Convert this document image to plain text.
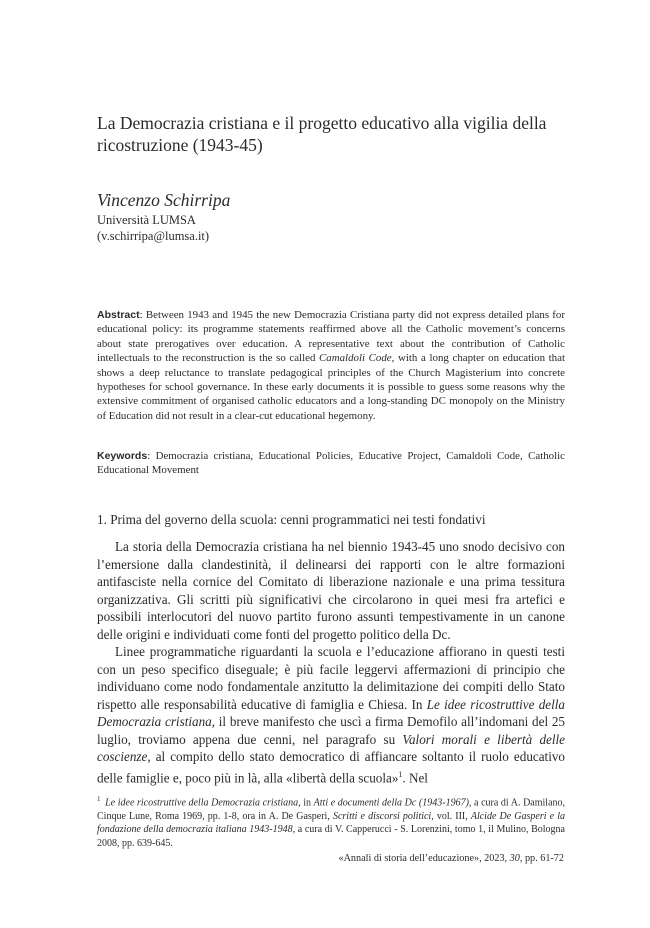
La Democrazia cristiana e il progetto educativo alla vigilia della ricostruzione (1943-45)
Vincenzo Schirripa
Università LUMSA
(v.schirripa@lumsa.it)
Abstract: Between 1943 and 1945 the new Democrazia Cristiana party did not express detailed plans for educational policy: its programme statements reaffirmed above all the Catholic movement’s concerns about state prerogatives over education. A representative text about the contribution of Catholic intellectuals to the reconstruction is the so called Camaldoli Code, with a long chapter on education that shows a deep reluctance to translate pedagogical principles of the Church Magisterium into concrete hypotheses for school governance. In these early documents it is possible to guess some reasons why the extensive commitment of organised catholic educators and a long-standing DC monopoly on the Ministry of Education did not result in a clear-cut educational hegemony.
Keywords: Democrazia cristiana, Educational Policies, Educative Project, Camaldoli Code, Catholic Educational Movement
1. Prima del governo della scuola: cenni programmatici nei testi fondativi

La storia della Democrazia cristiana ha nel biennio 1943-45 uno snodo decisivo con l’emersione dalla clandestinità, il delinearsi dei rapporti con le altre formazioni antifasciste nella cornice del Comitato di liberazione nazionale e una prima tessitura organizzativa. Gli scritti più significativi che circolarono in quei mesi fra artefici e possibili interlocutori del nuovo partito furono assunti tempestivamente in un canone delle origini e individuati come fonti del progetto politico della Dc.

Linee programmatiche riguardanti la scuola e l’educazione affiorano in questi testi con un peso specifico diseguale; è più facile leggervi affermazioni di principio che individuano come nodo fondamentale anzitutto la delimitazione dei compiti dello Stato rispetto alle responsabilità educative di famiglia e Chiesa. In Le idee ricostruttive della Democrazia cristiana, il breve manifesto che uscì a firma Demofilo all’indomani del 25 luglio, troviamo appena due cenni, nel paragrafo su Valori morali e libertà delle coscienze, al compito dello stato democratico di affiancare soltanto il ruolo educativo delle famiglie e, poco più in là, alla «libertà della scuola»$^1$. Nel

$^1$ Le idee ricostruttive della Democrazia cristiana, in Atti e documenti della Dc (1943-1967), a cura di A. Damilano, Cinque Lune, Roma 1969, pp. 1-8, ora in A. De Gasperi, Scritti e discorsi politici, vol. III, Alcide De Gasperi e la fondazione della democrazia italiana 1943-1948, a cura di V. Capperucci - S. Lorenzini, tomo 1, il Mulino, Bologna 2008, pp. 639-645.
«Annali di storia dell’educazione», 2023, 30, pp. 61-72
